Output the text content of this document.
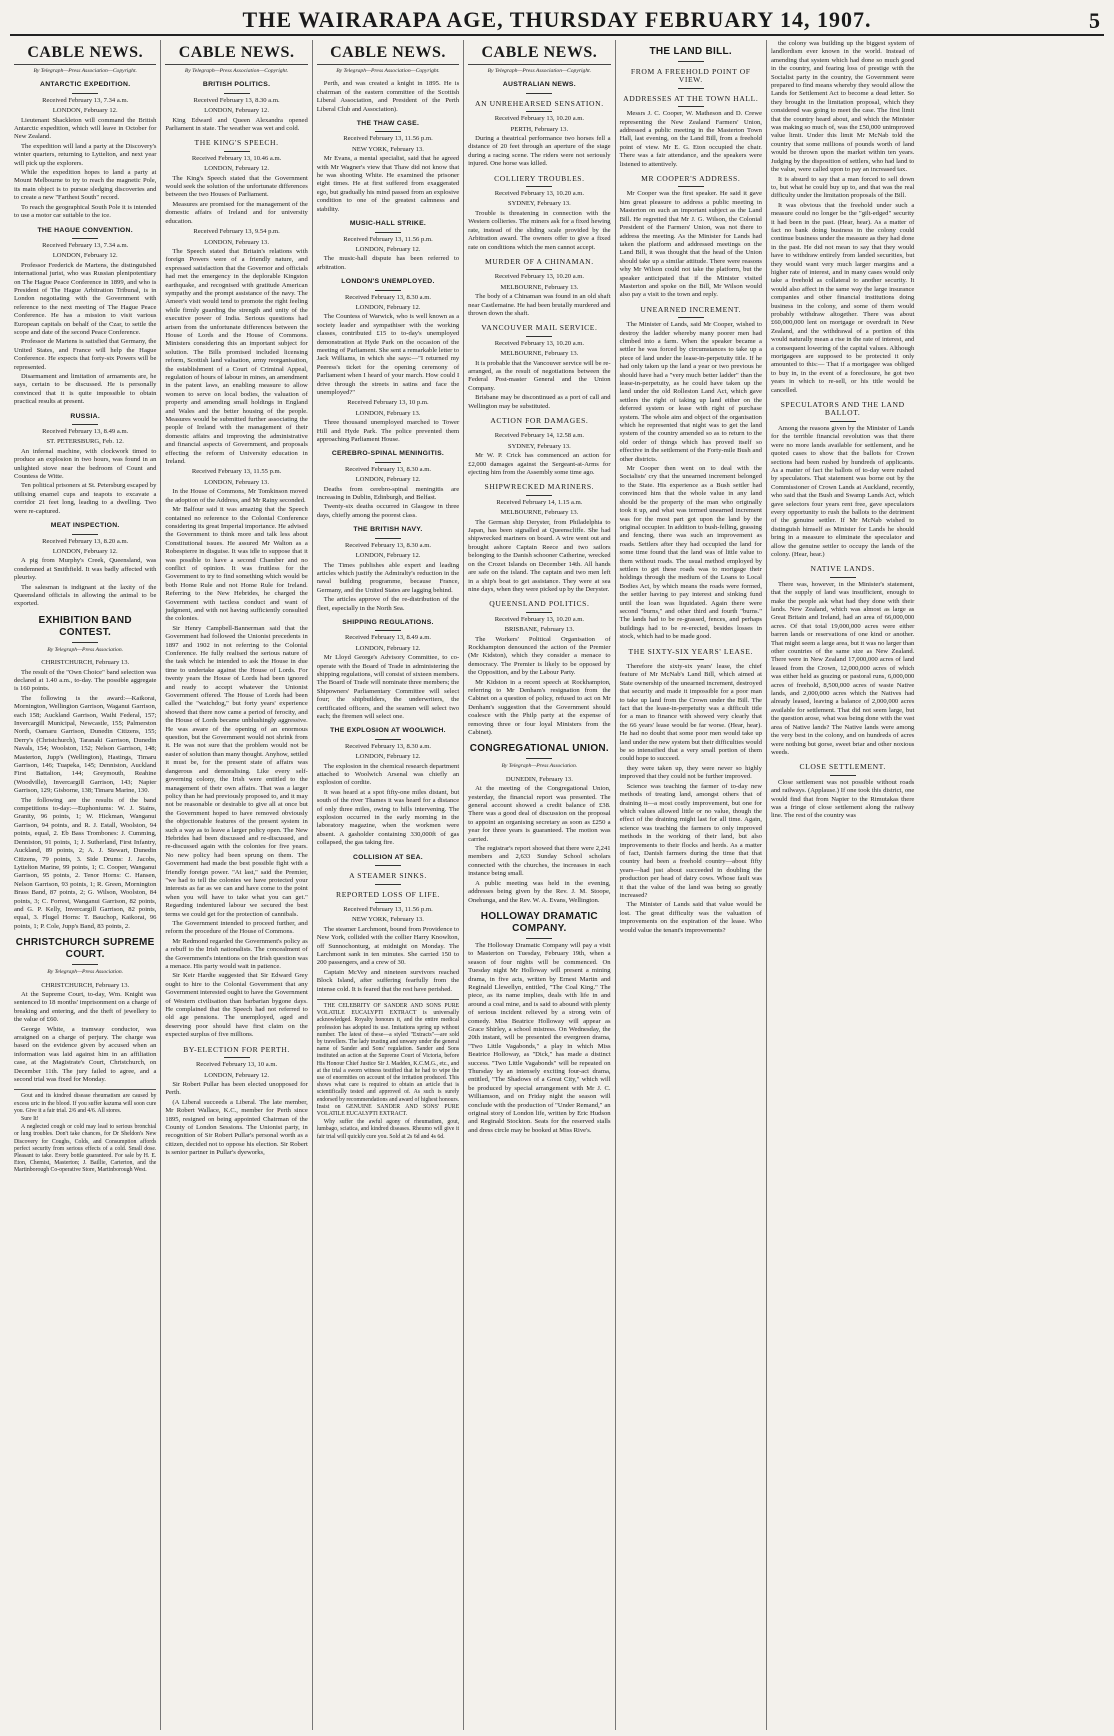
THE WAIRARAPA AGE, THURSDAY FEBRUARY 14, 1907.	5
CABLE NEWS.
By Telegraph—Press Association—Copyright.
ANTARCTIC EXPEDITION.
Received February 13, 7.34 a.m.
LONDON, February 12.

Lieutenant Shackleton will command the British Antarctic expedition, which will leave in October for New Zealand.

The expedition will land a party at the Discovery's winter quarters, returning to Lyttelton, and next year will pick up the explorers.

While the expedition hopes to land a party at Mount Melbourne to try to reach the magnetic Pole, its main object is to pursue sledging discoveries and to create a new "Farthest South" record.

To reach the geographical South Pole it is intended to use a motor car suitable to the ice.

THE HAGUE CONVENTION.
Received February 13, 7.34 a.m.
LONDON, February 12.

Professor Frederick de Martens, the distinguished international jurist, who was Russian plenipotentiary on The Hague Peace Conference in 1899, and who is President of The Hague Arbitration Tribunal, is in London negotiating with the Government with reference to the next meeting of The Hague Peace Conference. He has a mission to visit various European capitals on behalf of the Czar, to settle the scope and date of the second Peace Conference.

Professor de Martens is satisfied that Germany, the United States, and France will help the Hague Conference. He expects that forty-six Powers will be represented.

Disarmament and limitation of armaments are, he says, certain to be discussed. He is personally convinced that it is quite impossible to obtain practical results at present.

RUSSIA.
Received February 13, 8.49 a.m.
ST. PETERSBURG, Feb. 12.

An infernal machine, with clockwork timed to produce an explosion in two hours, was found in an unlighted stove near the bedroom of Count and Countess de Witte.

Ten political prisoners at St. Petersburg escaped by utilising enamel cups and teapots to excavate a corridor 21 feet long, leading to a dwelling. Two were re-captured.

MEAT INSPECTION.
Received February 13, 8.20 a.m.
LONDON, February 12.

A pig from Murphy's Creek, Queensland, was condemned at Smithfield. It was badly affected with pleurisy.

The salesman is indignant at the laxity of the Queensland officials in allowing the animal to be exported.

EXHIBITION BAND CONTEST.
By Telegraph—Press Association.
CHRISTCHURCH, February 13.

The result of the "Own Choice" band selection was declared at 1.40 a.m., to-day. The possible aggregate is 160 points.

The following is the award:—Kaikorai, Mornington, Wellington Garrison, Waganui Garrison, each 158; Auckland Garrison, Waihi Federal, 157; Invercargill Municipal, Newcastle, 155; Palmerston North, Oamaru Garrison, Dunedin Citizens, 155; Derry's (Christchurch), Taranaki Garrison, Dunedin Navals, 154; Woolston, 152; Nelson Garrison, 148; Masterton, Jupp's (Wellington), Hastings, Timaru Garrison, 146; Tuapeka, 145; Denniston, Auckland First Battalion, 144; Greymouth, Reahine (Woodville), Invercargill Garrison, 143; Napier Garrison, 129; Gisborne, 138; Timaru Marine, 130.

The following are the results of the band competitions to-day:—Euphoniums: W. J. Stains, Granity, 96 points, 1; W. Hickman, Wanganui Garrison, 94 points, and R. J. Estall, Woolston, 94 points, equal, 2. Eb Bass Trombones: J. Cumming, Denniston, 91 points, 1; J. Sutherland, First Infantry, Auckland, 89 points, 2; A. J. Stewart, Dunedin Citizens, 79 points, 3. Side Drums: J. Jacobs, Lyttelton Marine, 99 points, 1; C. Cooper, Wanganui Garrison, 95 points, 2. Tenor Horns: C. Hansen, Nelson Garrison, 93 points, 1; R. Green, Mornington Brass Band, 87 points, 2; G. Wilson, Woolston, 84 points, 3; C. Forrest, Wanganui Garrison, 82 points, and G. P. Kelly, Invercargill Garrison, 82 points, equal, 3. Flugel Horns: T. Bauchop, Kaikorai, 96 points, 1; P. Cole, Jupp's Band, 83 points, 2.

CHRISTCHURCH SUPREME COURT.
By Telegraph—Press Association.
CHRISTCHURCH, February 13.

At the Supreme Court, to-day, Wm. Knight was sentenced to 18 months' imprisonment on a charge of breaking and entering, and the theft of jewellery to the value of £60.

George White, a tramway conductor, was arraigned on a charge of perjury. The charge was based on the evidence given by accused when an information was laid against him in an affiliation case, at the Magistrate's Court, Christchurch, on December 11th. The jury failed to agree, and a second trial was fixed for Monday.

Gout and its kindred disease rheumatism are caused by excess uric in the blood. If you suffer kazuma will soon cure you. Give it a fair trial. 2/6 and 4/6. All stores.

Sure It!

A neglected cough or cold may lead to serious bronchial or lung troubles. Don't take chances, for Dr Sheldon's New Discovery for Coughs, Colds, and Consumption affords perfect security from serious effects of a cold. Small dose. Pleasant to take. Every bottle guaranteed. For sale by H. E. Eton, Chemist, Masterton; J. Baillie, Carterton, and the Martinborough Co-operative Store, Martinborough West.

CABLE NEWS.
By Telegraph—Press Association—Copyright.
BRITISH POLITICS.
Received February 13, 8.30 a.m.
LONDON, February 12.

King Edward and Queen Alexandra opened Parliament in state. The weather was wet and cold.

THE KING'S SPEECH.
Received February 13, 10.46 a.m.
LONDON, February 12.

The King's Speech stated that the Government would seek the solution of the unfortunate differences between the two Houses of Parliament.

Measures are promised for the management of the domestic affairs of Ireland and for university education.

Received February 13, 9.54 p.m.
LONDON, February 13.

The Speech stated that Britain's relations with foreign Powers were of a friendly nature, and expressed satisfaction that the Governor and officials had met the emergency in the deplorable Kingston earthquake, and recognised with gratitude American sympathy and the prompt assistance of the navy. The Ameer's visit would tend to promote the right feeling while firmly guarding the strength and unity of the executive power of India. Serious questions had arisen from the unfortunate differences between the House of Lords and the House of Commons. Ministers considering this an important subject for solution. The Bills promised included licensing reform, Scottish land valuation, army reorganisation, the establishment of a Court of Criminal Appeal, regulation of hours of labour in mines, an amendment in the patent laws, an enabling measure to allow women to serve on local bodies, the valuation of property and amending small holdings in England and Wales and the better housing of the people. Measures would be submitted further associating the people of Ireland with the management of their domestic affairs and improving the administrative and financial aspects of Government, and proposals effecting the reform of University education in Ireland.

Received February 13, 11.55 p.m.
LONDON, February 13.

In the House of Commons, Mr Tomkinson moved the adoption of the Address, and Mr Rainy seconded.

Mr Balfour said it was amazing that the Speech contained no reference to the Colonial Conference considering its great Imperial importance. He advised the Government to think more and talk less about Constitutional issues. He assured Mr Walton as a Robespierre in disguise. It was idle to suppose that it was possible to have a second Chamber and no conflict of opinion. It was fruitless for the Government to try to find something which would be both Home Rule and not Home Rule for Ireland. Referring to the New Hebrides, he charged the Government with tactless conduct and want of judgment, and with not having sufficiently consulted the colonies.

Sir Henry Campbell-Bannerman said that the Government had followed the Unionist precedents in 1897 and 1902 in not referring to the Colonial Conference. He fully realised the serious nature of the task which he intended to ask the House in due time to undertake against the House of Lords. For twenty years the House of Lords had been ignored and ready to accept whatever the Unionist Government offered. The House of Lords had been called the "watchdog," but forty years' experience showed that there now came a period of ferocity, and the House of Lords became unblushingly aggressive. He was aware of the opening of an enormous question, but the Government would not shrink from it. He was not sure that the problem would not be easier of solution than many thought. Anyhow, settled it must be, for the present state of affairs was dangerous and demoralising. Like every self-governing colony, the Irish were entitled to the management of their own affairs. That was a larger policy than he had previously proposed to, and it may not be reasonable or desirable to give all at once but the Government hoped to have removed obviously the objectionable features of the present system in such a way as to leave a larger policy open. The New Hebrides had been discussed and re-discussed, and re-discussed again with the colonies for five years. No new policy had been sprung on them. The Government had made the best possible fight with a friendly foreign power. "At last," said the Premier, "we had to tell the colonies we have protected your interests as far as we can and have come to the point when you will have to take what you can get." Regarding indentured labour we secured the best terms we could get for the protection of cannibals.

The Government intended to proceed further, and reform the procedure of the House of Commons.

Mr Redmond regarded the Government's policy as a rebuff to the Irish nationalists. The concealment of the Government's intentions on the Irish question was a menace. His party would wait in patience.

Sir Keir Hardie suggested that Sir Edward Grey ought to hire to the Colonial Government that any Government interested ought to have the Government of Western civilisation than barbarian bygone days. He complained that the Speech had not referred to old age pensions. The unemployed, aged and deserving poor should have first claim on the expected surplus of five millions.

BY-ELECTION FOR PERTH.
Received February 13, 10 a.m.
LONDON, February 12.

Sir Robert Pullar has been elected unopposed for Perth.

(A Liberal succeeds a Liberal. The late member, Mr Robert Wallace, K.C., member for Perth since 1895, resigned on being appointed Chairman of the County of London Sessions. The Unionist party, in recognition of Sir Robert Pullar's personal worth as a citizen, decided not to oppose his election. Sir Robert is senior partner in Pullar's dyeworks,

CABLE NEWS.
By Telegraph—Press Association—Copyright.

Perth, and was created a knight in 1895. He is chairman of the eastern committee of the Scottish Liberal Association, and President of the Perth Liberal Club and Association).

THE THAW CASE.
Received February 13, 11.56 p.m.
NEW YORK, February 13.

Mr Evans, a mental specialist, said that he agreed with Mr Wagner's view that Thaw did not know that he was shooting White. He examined the prisoner eight times. He at first suffered from exaggerated ego, but gradually his mind passed from an explosive condition to one of the greatest calmness and stability.

MUSIC-HALL STRIKE.
Received February 13, 11.56 p.m.
LONDON, February 12.

The music-hall dispute has been referred to arbitration.

LONDON'S UNEMPLOYED.
Received February 13, 8.30 a.m.
LONDON, February 12.

The Countess of Warwick, who is well known as a society leader and sympathiser with the working classes, contributed £15 to to-day's unemployed demonstration at Hyde Park on the occasion of the meeting of Parliament. She sent a remarkable letter to Jack Williams, in which she says:—"I returned my Peeress's ticket for the opening ceremony of Parliament when I heard of your march. How could I drive through the streets in satins and face the unemployed?"

Received February 13, 10 p.m.
LONDON, February 13.

Three thousand unemployed marched to Tower Hill and Hyde Park. The police prevented them approaching Parliament House.

CEREBRO-SPINAL MENINGITIS.
Received February 13, 8.30 a.m.
LONDON, February 12.

Deaths from cerebro-spinal meningitis are increasing in Dublin, Edinburgh, and Belfast.

Twenty-six deaths occurred in Glasgow in three days, chiefly among the poorest class.

THE BRITISH NAVY.
Received February 13, 8.30 a.m.
LONDON, February 12.

The Times publishes able expert and leading articles which justify the Admiralty's reduction in the naval building programme, because France, Germany, and the United States are lagging behind.

The articles approve of the re-distribution of the fleet, especially in the North Sea.

SHIPPING REGULATIONS.
Received February 13, 8.49 a.m.
LONDON, February 12.

Mr Lloyd George's Advisory Committee, to co-operate with the Board of Trade in administering the shipping regulations, will consist of sixteen members. The Board of Trade will nominate three members; the Shipowners' Parliamentary Committee will select four; the shipbuilders, the underwriters, the certificated officers, and the seamen will select two each; the firemen will select one.

THE EXPLOSION AT WOOLWICH.
Received February 13, 8.30 a.m.
LONDON, February 12.

The explosion in the chemical research department attached to Woolwich Arsenal was chiefly an explosion of cordite.

It was heard at a spot fifty-one miles distant, but south of the river Thames it was heard for a distance of only three miles, owing to hills intervening. The explosion occurred in the early morning in the laboratory magazine, when the workmen were absent. A gasholder containing 330,000ft of gas collapsed, the gas taking fire.

COLLISION AT SEA.
A STEAMER SINKS.
REPORTED LOSS OF LIFE.
Received February 13, 11.56 p.m.
NEW YORK, February 13.

The steamer Larchmont, bound from Providence to New York, collided with the collier Harry Knowlton, off Sunnochonturg, at midnight on Monday. The Larchmont sank in ten minutes. She carried 150 to 200 passengers, and a crew of 30.

Captain McVey and nineteen survivors reached Block Island, after suffering fearfully from the intense cold. It is feared that the rest have perished.

THE CELEBRITY OF SANDER AND SONS PURE VOLATILE EUCALYPTI EXTRACT is universally acknowledged. Royalty honours it, and the entire medical profession has adopted its use. Imitations spring up without number. The latest of these—a styled "Extracts"—are sold by travellers. The lady trusting and unwary under the general name of Sander and Sons' regulation. Sander and Sons instituted an action at the Supreme Court of Victoria, before His Honour Chief Justice Sir J. Madden, K.C.M.G., etc., and at the trial a sworn witness testified that he had to wipe the use of enormities on account of the irritation produced. This shows what care is required to obtain an article that is scientifically tested and approved of. As such is surely endorsed by recommendations and award of highest honours. Insist on GENUINE SANDER AND SONS' PURE VOLATILE EUCALYPTI EXTRACT.

Why suffer the awful agony of rheumatism, gout, lumbago, sciatica, and kindred diseases. Rheumo will give it fair trial will quickly cure you. Sold at 2s 6d and 4s 6d.

CABLE NEWS.
By Telegraph—Press Association—Copyright.
AUSTRALIAN NEWS.
AN UNREHEARSED SENSATION.
Received February 13, 10.20 a.m.
PERTH, February 13.

During a theatrical performance two horses fell a distance of 20 feet through an aperture of the stage during a racing scene. The riders were not seriously injured. One horse was killed.

COLLIERY TROUBLES.
Received February 13, 10.20 a.m.
SYDNEY, February 13.

Trouble is threatening in connection with the Western collieries. The miners ask for a fixed hewing rate, instead of the sliding scale provided by the Arbitration award. The owners offer to give a fixed rate on conditions which the men cannot accept.

MURDER OF A CHINAMAN.
Received February 13, 10.20 a.m.
MELBOURNE, February 13.

The body of a Chinaman was found in an old shaft near Castlemaine. He had been brutally murdered and thrown down the shaft.

VANCOUVER MAIL SERVICE.
Received February 13, 10.20 a.m.
MELBOURNE, February 13.

It is probable that the Vancouver service will be re-arranged, as the result of negotiations between the Federal Post-master General and the Union Company.

Brisbane may be discontinued as a port of call and Wellington may be substituted.

ACTION FOR DAMAGES.
Received February 14, 12.58 a.m.
SYDNEY, February 13.

Mr W. P. Crick has commenced an action for £2,000 damages against the Sergeant-at-Arms for ejecting him from the Assembly some time ago.

SHIPWRECKED MARINERS.
Received February 14, 1.15 a.m.
MELBOURNE, February 13.

The German ship Deryster, from Philadelphia to Japan, has been signalled at Queenscliffe. She had shipwrecked mariners on board. A wire went out and brought ashore Captain Reece and two sailors belonging to the Danish schooner Catherine, wrecked on the Crozet Islands on December 14th. All hands are safe on the island. The captain and two men left in a ship's boat to get assistance. They were at sea nine days, when they were picked up by the Deryster.

QUEENSLAND POLITICS.
Received February 13, 10.20 a.m.
BRISBANE, February 13.

The Workers' Political Organisation of Rockhampton denounced the action of the Premier (Mr Kidston), which they consider a menace to democracy. The Premier is likely to be opposed by the Opposition, and by the Labour Party.

Mr Kidston in a recent speech at Rockhampton, referring to Mr Denham's resignation from the Cabinet on a question of policy, refused to act on Mr Denham's suggestion that the Government should coalesce with the Philp party at the expense of removing three or four loyal Ministers from the Cabinet).

CONGREGATIONAL UNION.
By Telegraph—Press Association.
DUNEDIN, February 13.

At the meeting of the Congregational Union, yesterday, the financial report was presented. The general account showed a credit balance of £38. There was a good deal of discussion on the proposal to appoint an organising secretary as soon as £250 a year for three years is guaranteed. The motion was carried.

The registrar's report showed that there were 2,241 members and 2,633 Sunday School scholars connected with the churches, the increases in each instance being small.

A public meeting was held in the evening, addresses being given by the Rev. J. M. Stoope, Onehunga, and the Rev. W. A. Evans, Wellington.

HOLLOWAY DRAMATIC COMPANY.

The Holloway Dramatic Company will pay a visit to Masterton on Tuesday, February 19th, when a season of four nights will be commenced. On Tuesday night Mr Holloway will present a mining drama, in five acts, written by Ernest Martin and Reginald Llewellyn, entitled, "The Coal King." The piece, as its name implies, deals with life in and around a coal mine, and is said to abound with plenty of serious incident relieved by a strong vein of comedy. Miss Beatrice Holloway will appear as Grace Shirley, a school mistress. On Wednesday, the 20th instant, will be presented the evergreen drama, "Two Little Vagabonds," a play in which Miss Beatrice Holloway, as "Dick," has made a distinct success. "Two Little Vagabonds" will be repeated on Thursday by an intensely exciting four-act drama, entitled, "The Shadows of a Great City," which will be produced by special arrangement with Mr J. C. Williamson, and on Friday night the season will conclude with the production of "Under Remand," an original story of London life, written by Eric Hudson and Reginald Stockton. Seats for the reserved stalls and dress circle may be booked at Miss Rive's.

THE LAND BILL.
FROM A FREEHOLD POINT OF VIEW.
ADDRESSES AT THE TOWN HALL.

Messrs J. C. Cooper, W. Matheson and D. Crewe representing the New Zealand Farmers' Union, addressed a public meeting in the Masterton Town Hall, last evening, on the Land Bill, from a freehold point of view. Mr E. G. Eton occupied the chair. There was a fair attendance, and the speakers were listened to attentively.

MR COOPER'S ADDRESS.

Mr Cooper was the first speaker. He said it gave him great pleasure to address a public meeting in Masterton on such an important subject as the Land Bill. He regretted that Mr J. G. Wilson, the Colonial President of the Farmers' Union, was not there to address the meeting. As the Minister for Lands had taken the platform and addressed meetings on the Land Bill, it was thought that the head of the Union should take up a similar attitude. There were reasons why Mr Wilson could not take the platform, but the speaker anticipated that if the Minister visited Masterton and spoke on the Bill, Mr Wilson would also pay a visit to the town and reply.

UNEARNED INCREMENT.

The Minister of Lands, said Mr Cooper, wished to destroy the ladder whereby many poorer men had climbed into a farm. When the speaker became a settler he was forced by circumstances to take up a piece of land under the lease-in-perpetuity title. If he had only taken up the land a year or two previous he should have had a "very much better ladder" than the lease-in-perpetuity, as he could have taken up the land under the old Rolleston Land Act, which gave settlers the right of taking up land either on the deferred system or lease with right of purchase system. The whole aim and object of the organisation which he represented that night was to get the land system of the country amended so as to return to the old order of things which has proved itself so effective in the settlement of the Forty-mile Bush and other districts.

Mr Cooper then went on to deal with the Socialists' cry that the unearned increment belonged to the State. His experience as a Bush settler had convinced him that the whole value in any land should be the property of the man who originally took it up, and what was termed unearned increment was for the most part got upon the land by the original occupier. In addition to bush-felling, grassing and fencing, there was such an improvement as roads. Settlers after they had occupied the land for some time found that the land was of little value to them without roads. The usual method employed by settlers to get these roads was to mortgage their holdings through the medium of the Loans to Local Bodies Act, by which means the roads were formed, the settler having to pay interest and sinking fund until the loan was liquidated. Again there were second "burns," and other third and fourth "burns." The lands had to be re-grassed, fences, and perhaps buildings had to be re-erected, besides losses in stock, which had to be made good.

THE SIXTY-SIX YEARS' LEASE.

Therefore the sixty-six years' lease, the chief feature of Mr McNab's Land Bill, which aimed at State ownership of the unearned increment, destroyed that security and made it impossible for a poor man to take up land from the Crown under the Bill. The fact that the lease-in-perpetuity was a difficult title for a man to finance with showed very clearly that the 66 years' lease would be far worse. (Hear, hear). He had no doubt that some poor men would take up land under the new system but their difficulties would be so intensified that a very small portion of them could hope to succeed.

they were taken up, they were never so highly improved that they could not be further improved.

Science was teaching the farmer of to-day new methods of treating land, amongst others that of draining it—a most costly improvement, but one for which values allowed little or no value, though the effect of the draining might last for all time. Again, science was teaching the farmers to only improved methods in the working of their land, but also improvements to their flocks and herds. As a matter of fact, Danish farmers during the time that that country had been a freehold country—about fifty years—had just about succeeded in doubling the production per head of dairy cows. Whose fault was it that the value of the land was being so greatly increased?

The Minister of Lands said that value would be lost. The great difficulty was the valuation of improvements on the expiration of the lease. Who would value the tenant's improvements?

the colony was building up the biggest system of landlordism ever known in the world. Instead of amending that system which had done so much good in the country, and fearing loss of prestige with the Socialist party in the country, the Government were prepared to find means whereby they would allow the Lands for Settlement Act to become a dead letter. So they brought in the limitation proposal, which they considered was going to meet the case. The first limit that the country heard about, and which the Minister was making so much of, was the £50,000 unimproved value limit. Under this limit Mr McNab told the country that some millions of pounds worth of land would be thrown upon the market within ten years. Judging by the disposition of settlers, who had land to the value, were called upon to pay an increased tax.

It is absurd to say that a man forced to sell down to, but what he could buy up to, and that was the real difficulty under the limitation proposals of the Bill.

It was obvious that the freehold under such a measure could no longer be the "gilt-edged" security it had been in the past. (Hear, hear). As a matter of fact no bank doing business in the colony could continue business under the measure as they had done in the past. He did not mean to say that they would have to withdraw entirely from landed securities, but they would want very much larger margins and a higher rate of interest, and in many cases would only take a freehold as collateral to another security. It would also affect in the same way the large insurance companies and other financial institutions doing business in the colony, and some of them would probably withdraw altogether. There was about £60,000,000 lent on mortgage or overdraft in New Zealand, and the withdrawal of a portion of this would naturally mean a rise in the rate of interest, and a consequent lowering of the capital values. Although mortgagees are supposed to be protected it only amounted to this:— That if a mortgagee was obliged to buy in, in the event of a foreclosure, he got two years in which to re-sell, or his title would be cancelled.

SPECULATORS AND THE LAND BALLOT.

Among the reasons given by the Minister of Lands for the terrible financial revolution was that there were no more lands available for settlement, and he quoted cases to show that the ballots for Crown sections had been rushed by hundreds of applicants. As a matter of fact the ballots of to-day were rushed by speculators. That statement was borne out by the Commissioner of Crown Lands at Auckland, recently, who said that the Bush and Swamp Lands Act, which gave selectors four years rent free, gave speculators every opportunity to rush the ballots to the detriment of the genuine settler. If Mr McNab wished to distinguish himself as Minister for Lands he should bring in a measure to eliminate the speculator and allow the genuine settler to occupy the lands of the colony. (Hear, hear.)

NATIVE LANDS.

There was, however, in the Minister's statement, that the supply of land was insufficient, enough to make the people ask what had they done with their lands. New Zealand, which was almost as large as Great Britain and Ireland, had an area of 66,000,000 acres. Of that total 19,000,000 acres were either barren lands or reservations of one kind or another. That might seem a large area, but it was no larger than other countries of the same size as New Zealand. There were in New Zealand 17,000,000 acres of land leased from the Crown, 12,000,000 acres of which was either held as grazing or pastoral runs, 6,000,000 acres of freehold, 8,500,000 acres of waste Native lands, and 2,000,000 acres which the Natives had already leased, leaving a balance of 2,000,000 acres available for settlement. That did not seem large, but the question arose, what was being done with the vast area of Native lands? The Native lands were among the very best in the colony, and on hundreds of acres were nothing but gorse, sweet briar and other noxious weeds.

CLOSE SETTLEMENT.

Close settlement was not possible without roads and railways. (Applause.) If one took this district, one would find that from Napier to the Rimutakas there was a fringe of close settlement along the railway line. The rest of the country was
